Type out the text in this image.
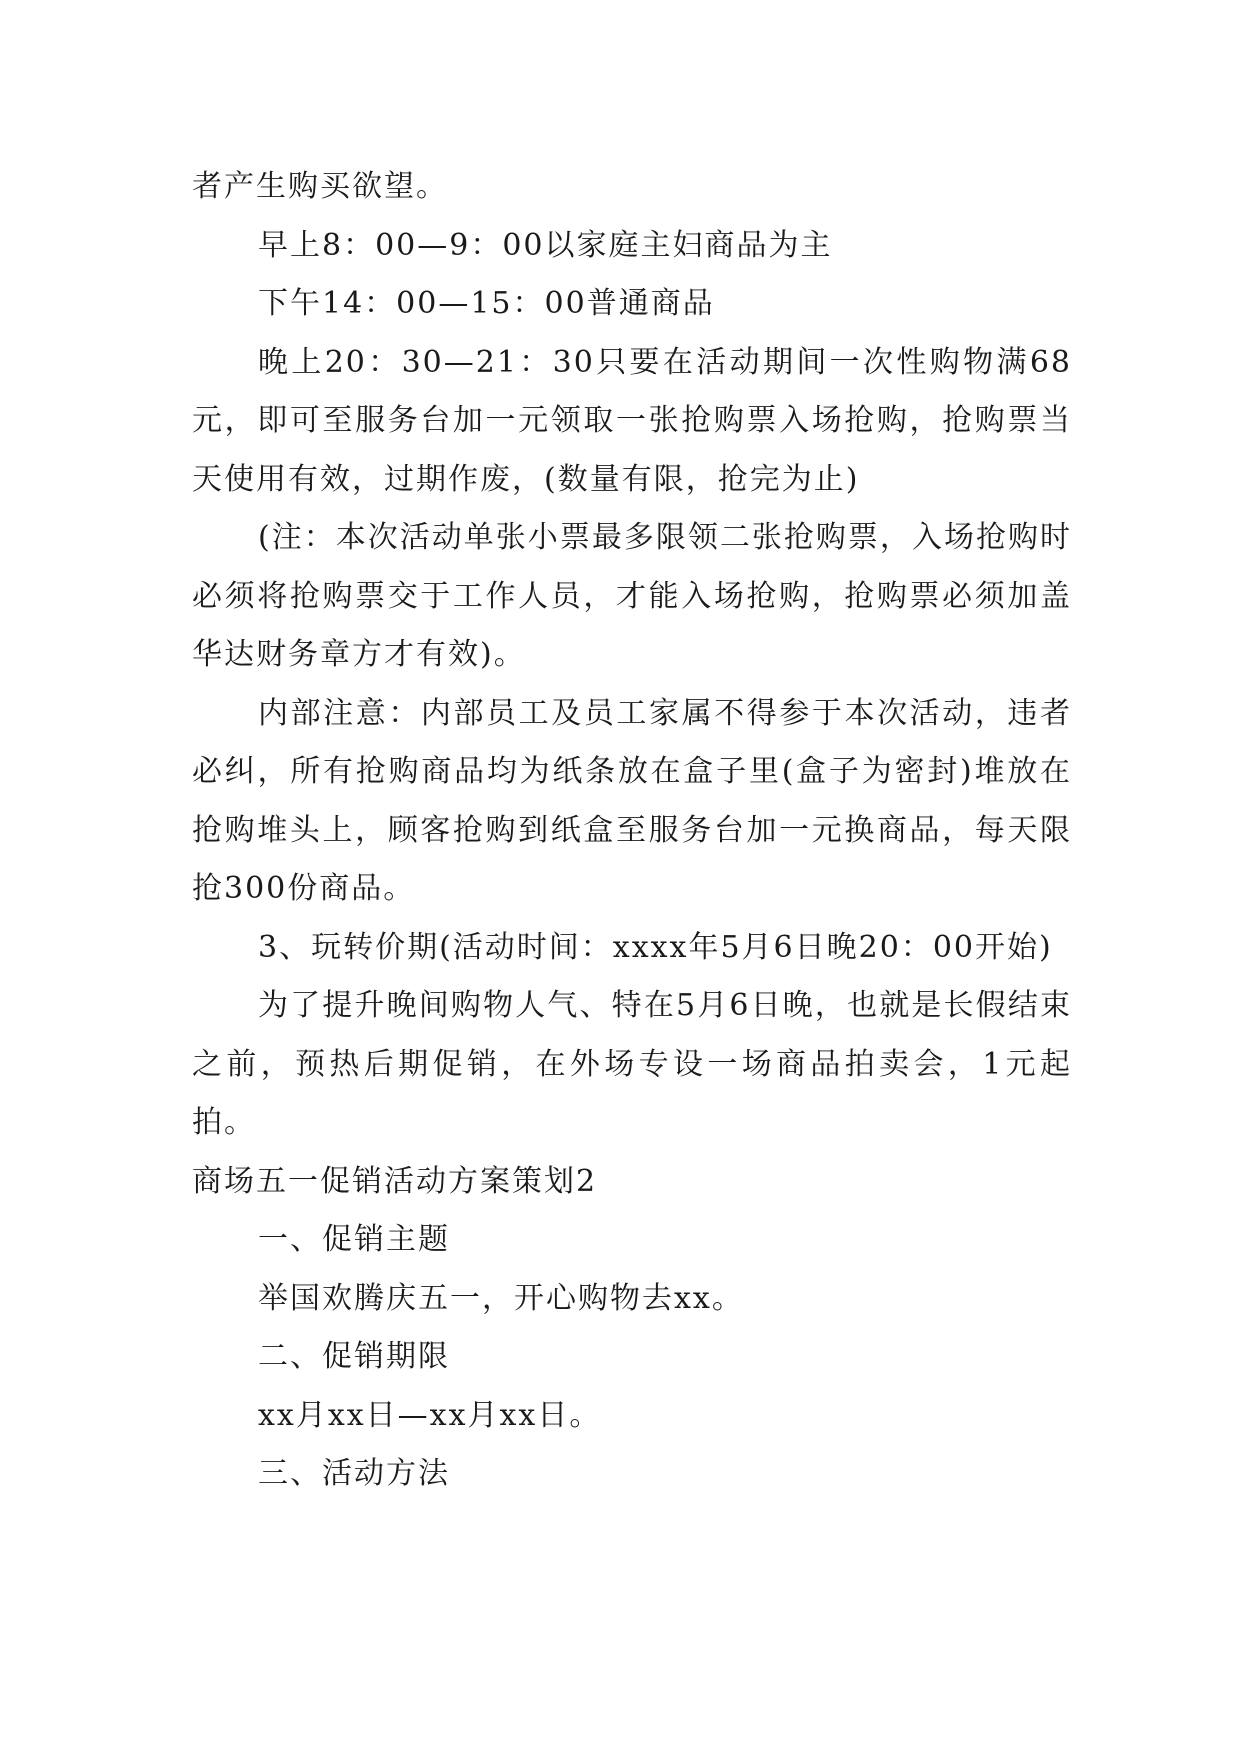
者产生购买欲望。

早上8：00—9：00以家庭主妇商品为主

下午14：00—15：00普通商品

晚上20：30—21：30只要在活动期间一次性购物满68元，即可至服务台加一元领取一张抢购票入场抢购，抢购票当天使用有效，过期作废，(数量有限，抢完为止)

(注：本次活动单张小票最多限领二张抢购票，入场抢购时必须将抢购票交于工作人员，才能入场抢购，抢购票必须加盖华达财务章方才有效)。

内部注意：内部员工及员工家属不得参于本次活动，违者必纠，所有抢购商品均为纸条放在盒子里(盒子为密封)堆放在抢购堆头上，顾客抢购到纸盒至服务台加一元换商品，每天限抢300份商品。

3、玩转价期(活动时间：xxxx年5月6日晚20：00开始)

为了提升晚间购物人气、特在5月6日晚，也就是长假结束之前，预热后期促销，在外场专设一场商品拍卖会，1元起拍。

商场五一促销活动方案策划2

一、促销主题

举国欢腾庆五一，开心购物去xx。

二、促销期限

xx月xx日—xx月xx日。

三、活动方法
